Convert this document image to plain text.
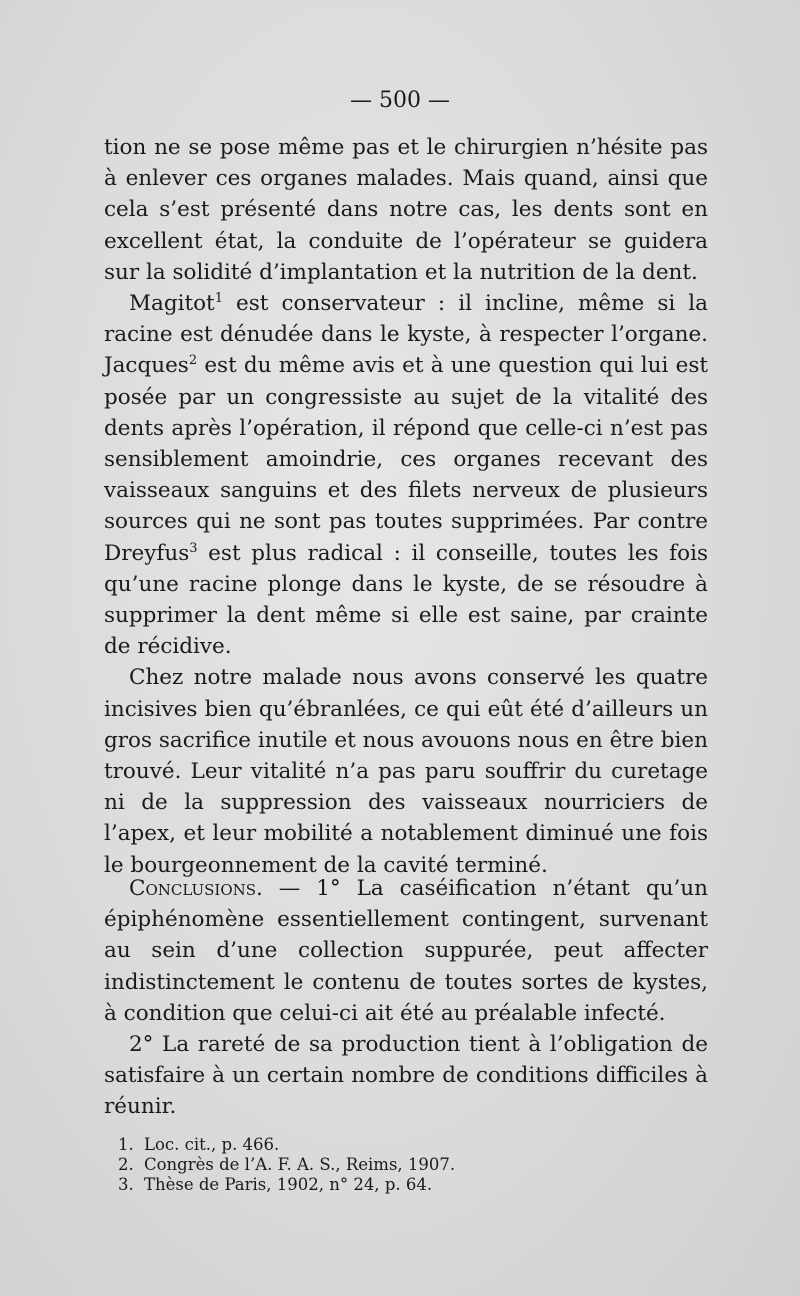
— 500 —

tion ne se pose même pas et le chirurgien n’hésite pas à enlever ces organes malades. Mais quand, ainsi que cela s’est présenté dans notre cas, les dents sont en excellent état, la conduite de l’opérateur se guidera sur la solidité d’implantation et la nutrition de la dent.

Magitot$^1$ est conservateur : il incline, même si la racine est dénudée dans le kyste, à respecter l’organe. Jacques$^2$ est du même avis et à une question qui lui est posée par un congressiste au sujet de la vitalité des dents après l’opération, il répond que celle-ci n’est pas sensiblement amoindrie, ces organes recevant des vaisseaux sanguins et des filets nerveux de plusieurs sources qui ne sont pas toutes supprimées. Par contre Dreyfus$^3$ est plus radical : il conseille, toutes les fois qu’une racine plonge dans le kyste, de se résoudre à supprimer la dent même si elle est saine, par crainte de récidive.

Chez notre malade nous avons conservé les quatre incisives bien qu’ébranlées, ce qui eût été d’ailleurs un gros sacrifice inutile et nous avouons nous en être bien trouvé. Leur vitalité n’a pas paru souffrir du curetage ni de la suppression des vaisseaux nourriciers de l’apex, et leur mobilité a notablement diminué une fois le bourgeonnement de la cavité terminé.

Conclusions. — 1° La caséification n’étant qu’un épiphénomène essentiellement contingent, survenant au sein d’une collection suppurée, peut affecter indistinctement le contenu de toutes sortes de kystes, à condition que celui-ci ait été au préalable infecté.

2° La rareté de sa production tient à l’obligation de satisfaire à un certain nombre de conditions difficiles à réunir.

1. Loc. cit., p. 466.

2. Congrès de l’A. F. A. S., Reims, 1907.

3. Thèse de Paris, 1902, n° 24, p. 64.
